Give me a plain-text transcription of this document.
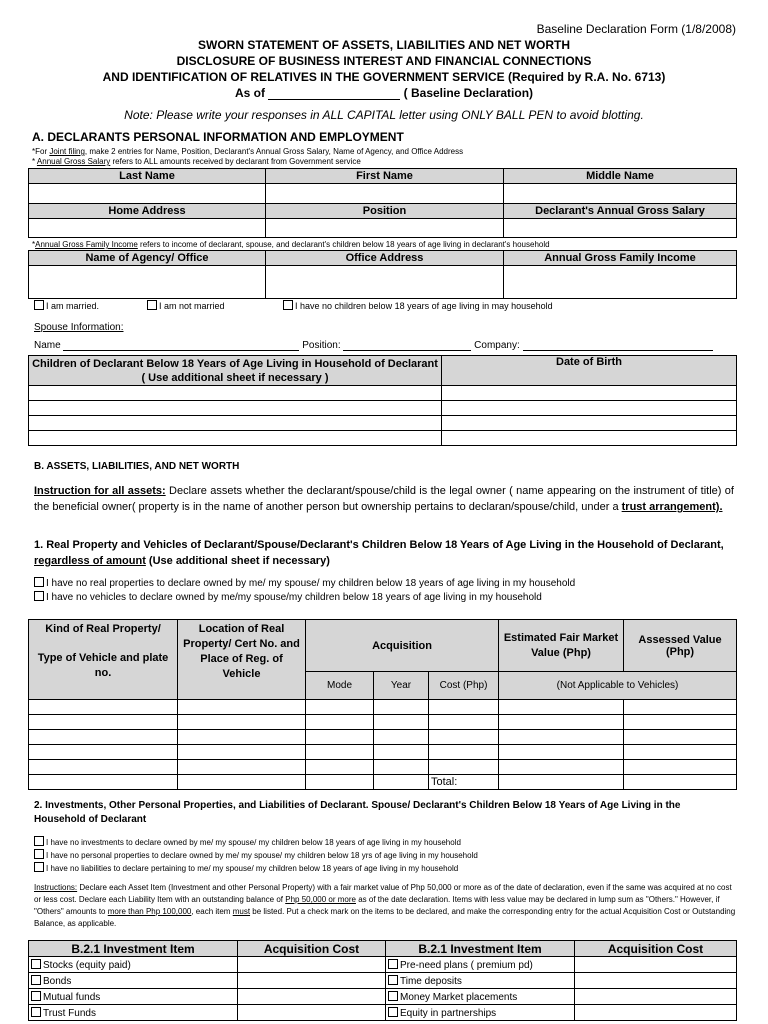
Baseline Declaration Form (1/8/2008)
SWORN STATEMENT OF ASSETS, LIABILITIES AND NET WORTH
DISCLOSURE OF BUSINESS INTEREST AND FINANCIAL CONNECTIONS
AND IDENTIFICATION OF RELATIVES IN THE GOVERNMENT SERVICE (Required by R.A. No. 6713)
As of	( Baseline Declaration)
Note: Please write your responses in ALL CAPITAL letter using ONLY BALL PEN to avoid blotting.
A. DECLARANTS PERSONAL INFORMATION AND EMPLOYMENT
*For Joint filing, make 2 entries for Name, Position, Declarant's Annual Gross Salary, Name of Agency, and Office Address
* Annual Gross Salary refers to ALL amounts received by declarant from Government service
Last Name	First Name	Middle Name

Home Address	Position	Declarant's Annual Gross Salary

*Annual Gross Family Income refers to income of declarant, spouse, and declarant's children below 18 years of age living in declarant's household
Name of Agency/ Office	Office Address	Annual Gross Family Income

I am married.	I am not married	I have no children below 18 years of age living in may household
Spouse Information:
Name	Position:	Company:
Children of Declarant Below 18 Years of Age Living in Household of Declarant ( Use additional sheet if necessary )	Date of Birth

B. ASSETS, LIABILITIES, AND NET WORTH
Instruction for all assets: Declare assets whether the declarant/spouse/child is the legal owner ( name appearing on the instrument of title) of the beneficial owner( property is in the name of another person but ownership pertains to declaran/spouse/child, under a trust arrangement).
1. Real Property and Vehicles of Declarant/Spouse/Declarant's Children Below 18 Years of Age Living in the Household of Declarant, regardless of amount (Use additional sheet if necessary)
I have no real properties to declare owned by me/ my spouse/ my children below 18 years of age living in my household
I have no vehicles to declare owned by me/my spouse/my children below 18 years of age living in my household
Kind of Real Property/
Type of Vehicle and plate no.	Location of Real Property/ Cert No. and Place of Reg. of Vehicle	Acquisition			Estimated Fair Market Value (Php)	Assessed Value (Php)
		Mode	Year	Cost (Php)	(Not Applicable to Vehicles)	

				Total:		
2. Investments, Other Personal Properties, and Liabilities of Declarant. Spouse/ Declarant's Children Below 18 Years of Age Living in the Household of Declarant
I have no investments to declare owned by me/ my spouse/ my children below 18 years of age living in my household
I have no personal properties to declare owned by me/ my spouse/ my children below 18 yrs of age living in my household
I have no liabilities to declare pertaining to me/ my spouse/ my children below 18 years of age living in my household
Instructions: Declare each Asset Item (Investment and other Personal Property) with a fair market value of Php 50,000 or more as of the date of declaration, even if the same was acquired at no cost or less cost. Declare each Liability Item with an outstanding balance of Php 50,000 or more as of the date declaration. Items with less value may be declared in lump sum as "Others." However, if "Others" amounts to more than Php 100,000, each item must be listed. Put a check mark on the items to be declared, and make the corresponding entry for the actual Acquisition Cost or Outstanding Balance, as applicable.
B.2.1 Investment Item	Acquisition Cost	B.2.1 Investment Item	Acquisition Cost
Stocks (equity paid)		Pre-need plans ( premium pd)	
Bonds		Time deposits	
Mutual funds		Money Market placements	
Trust Funds		Equity in partnerships	
